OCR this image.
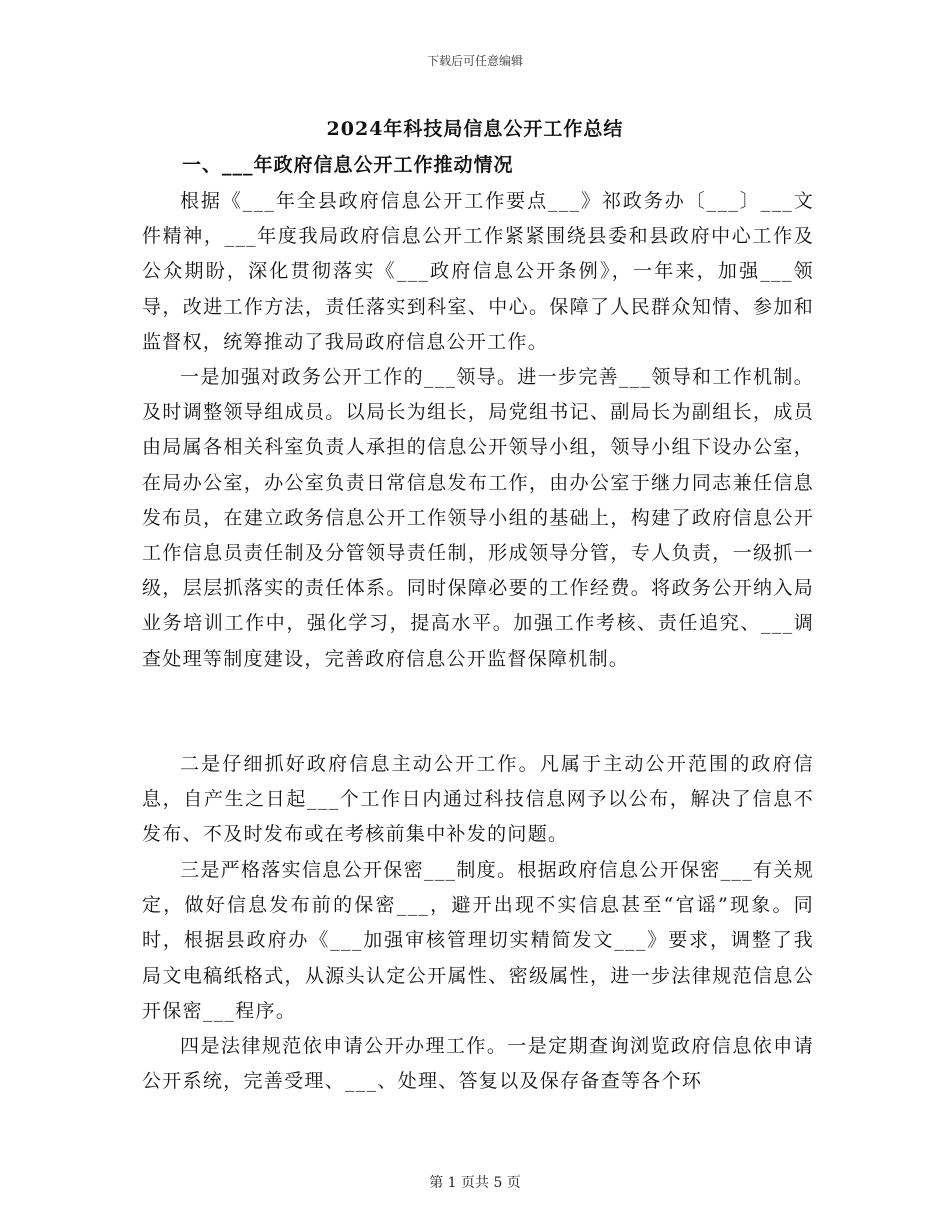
下载后可任意编辑
2024年科技局信息公开工作总结
一、___年政府信息公开工作推动情况

根据《___年全县政府信息公开工作要点___》祁政务办〔___〕___文件精神，___年度我局政府信息公开工作紧紧围绕县委和县政府中心工作及公众期盼，深化贯彻落实《___政府信息公开条例》，一年来，加强___领导，改进工作方法，责任落实到科室、中心。保障了人民群众知情、参加和监督权，统筹推动了我局政府信息公开工作。

一是加强对政务公开工作的___领导。进一步完善___领导和工作机制。及时调整领导组成员。以局长为组长，局党组书记、副局长为副组长，成员由局属各相关科室负责人承担的信息公开领导小组，领导小组下设办公室，在局办公室，办公室负责日常信息发布工作，由办公室于继力同志兼任信息发布员，在建立政务信息公开工作领导小组的基础上，构建了政府信息公开工作信息员责任制及分管领导责任制，形成领导分管，专人负责，一级抓一级，层层抓落实的责任体系。同时保障必要的工作经费。将政务公开纳入局业务培训工作中，强化学习，提高水平。加强工作考核、责任追究、___调查处理等制度建设，完善政府信息公开监督保障机制。

二是仔细抓好政府信息主动公开工作。凡属于主动公开范围的政府信息，自产生之日起___个工作日内通过科技信息网予以公布，解决了信息不发布、不及时发布或在考核前集中补发的问题。

三是严格落实信息公开保密___制度。根据政府信息公开保密___有关规定，做好信息发布前的保密___，避开出现不实信息甚至“官谣”现象。同时，根据县政府办《___加强审核管理切实精简发文___》要求，调整了我局文电稿纸格式，从源头认定公开属性、密级属性，进一步法律规范信息公开保密___程序。

四是法律规范依申请公开办理工作。一是定期查询浏览政府信息依申请公开系统，完善受理、___、处理、答复以及保存备查等各个环

第 1 页共 5 页
